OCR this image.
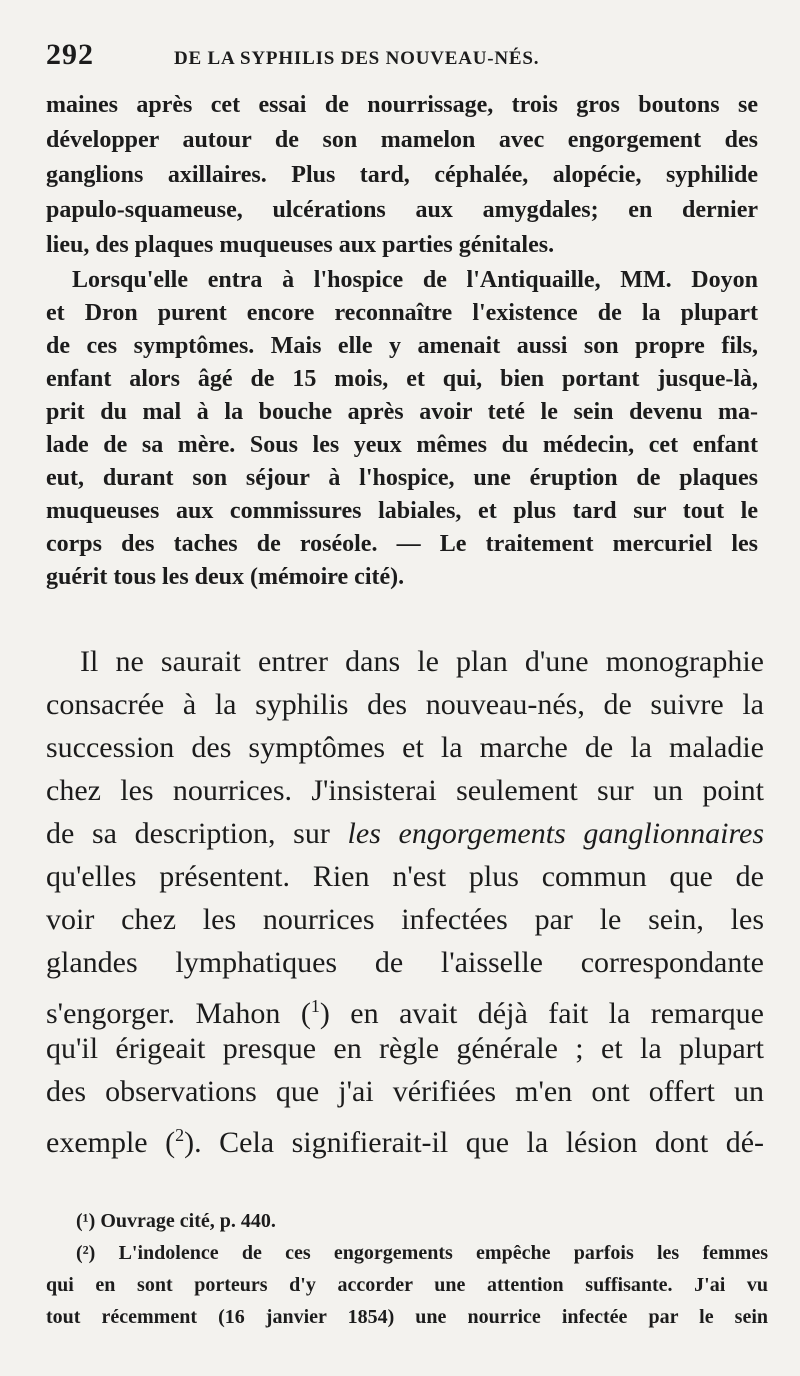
292	DE LA SYPHILIS DES NOUVEAU-NÉS.
maines après cet essai de nourrissage, trois gros boutons se
développer autour de son mamelon avec engorgement des
ganglions axillaires. Plus tard, céphalée, alopécie, syphilide
papulo-squameuse, ulcérations aux amygdales; en dernier
lieu, des plaques muqueuses aux parties génitales.
Lorsqu'elle entra à l'hospice de l'Antiquaille, MM. Doyon
et Dron purent encore reconnaître l'existence de la plupart
de ces symptômes. Mais elle y amenait aussi son propre fils,
enfant alors âgé de 15 mois, et qui, bien portant jusque-là,
prit du mal à la bouche après avoir teté le sein devenu ma-
lade de sa mère. Sous les yeux mêmes du médecin, cet enfant
eut, durant son séjour à l'hospice, une éruption de plaques
muqueuses aux commissures labiales, et plus tard sur tout le
corps des taches de roséole. — Le traitement mercuriel les
guérit tous les deux (mémoire cité).
Il ne saurait entrer dans le plan d'une monographie
consacrée à la syphilis des nouveau-nés, de suivre la
succession des symptômes et la marche de la maladie
chez les nourrices. J'insisterai seulement sur un point
de sa description, sur les engorgements ganglionnaires
qu'elles présentent. Rien n'est plus commun que de
voir chez les nourrices infectées par le sein, les
glandes lymphatiques de l'aisselle correspondante
s'engorger. Mahon ($^1$) en avait déjà fait la remarque
qu'il érigeait presque en règle générale ; et la plupart
des observations que j'ai vérifiées m'en ont offert un
exemple ($^2$). Cela signifierait-il que la lésion dont dé-
(¹) Ouvrage cité, p. 440.
(²) L'indolence de ces engorgements empêche parfois les femmes
qui en sont porteurs d'y accorder une attention suffisante. J'ai vu
tout récemment (16 janvier 1854) une nourrice infectée par le sein
